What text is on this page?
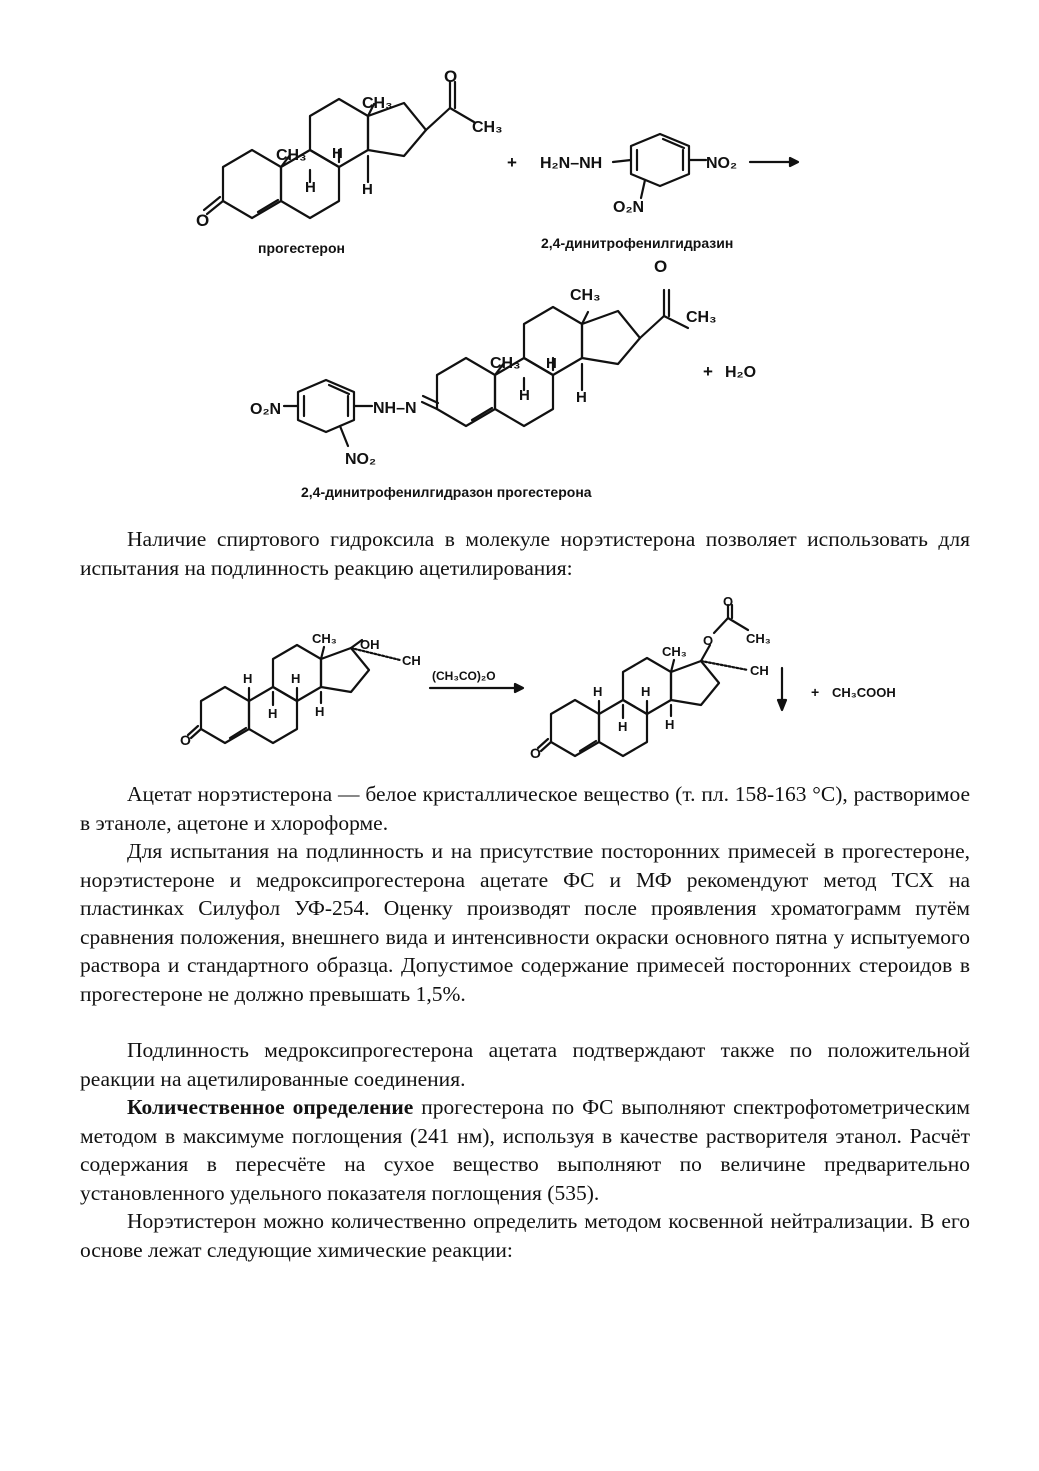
O
CH₃
CH₃
O
CH₃
H
H
H
прогестерон
+ H₂N–NH	NO₂
O₂N
2,4-динитрофенилгидразин
O₂N	NH–N
NO₂
CH₃
CH₃
O
CH₃
H
H
H
+ H₂O
2,4-динитрофенилгидразон прогестерона

Наличие спиртового гидроксила в молекуле норэтистерона позволяет использовать для испытания на подлинность реакцию ацетилирования:

O
CH₃ OH
CH
H
H
H
H
(CH₃CO)₂O
O
CH₃
O
O
CH₃
CH
H
H
H
H
+ CH₃COOH

Ацетат норэтистерона — белое кристаллическое вещество (т. пл. 158-163 °С), растворимое в этаноле, ацетоне и хлороформе.

Для испытания на подлинность и на присутствие посторонних примесей в прогестероне, норэтистероне и медроксипрогестерона ацетате ФС и МФ рекомендуют метод ТСХ на пластинках Силуфол УФ-254. Оценку производят после проявления хроматограмм путём сравнения положения, внешнего вида и интенсивности окраски основного пятна у испытуемого раствора и стандартного образца. Допустимое содержание примесей посторонних стероидов в прогестероне не должно превышать 1,5%.

Подлинность медроксипрогестерона ацетата подтверждают также по положительной реакции на ацетилированные соединения.

Количественное определение прогестерона по ФС выполняют спектрофотометрическим методом в максимуме поглощения (241 нм), используя в качестве растворителя этанол. Расчёт содержания в пересчёте на сухое вещество выполняют по величине предварительно установленного удельного показателя поглощения (535).

Норэтистерон можно количественно определить методом косвенной нейтрализации. В его основе лежат следующие химические реакции:
